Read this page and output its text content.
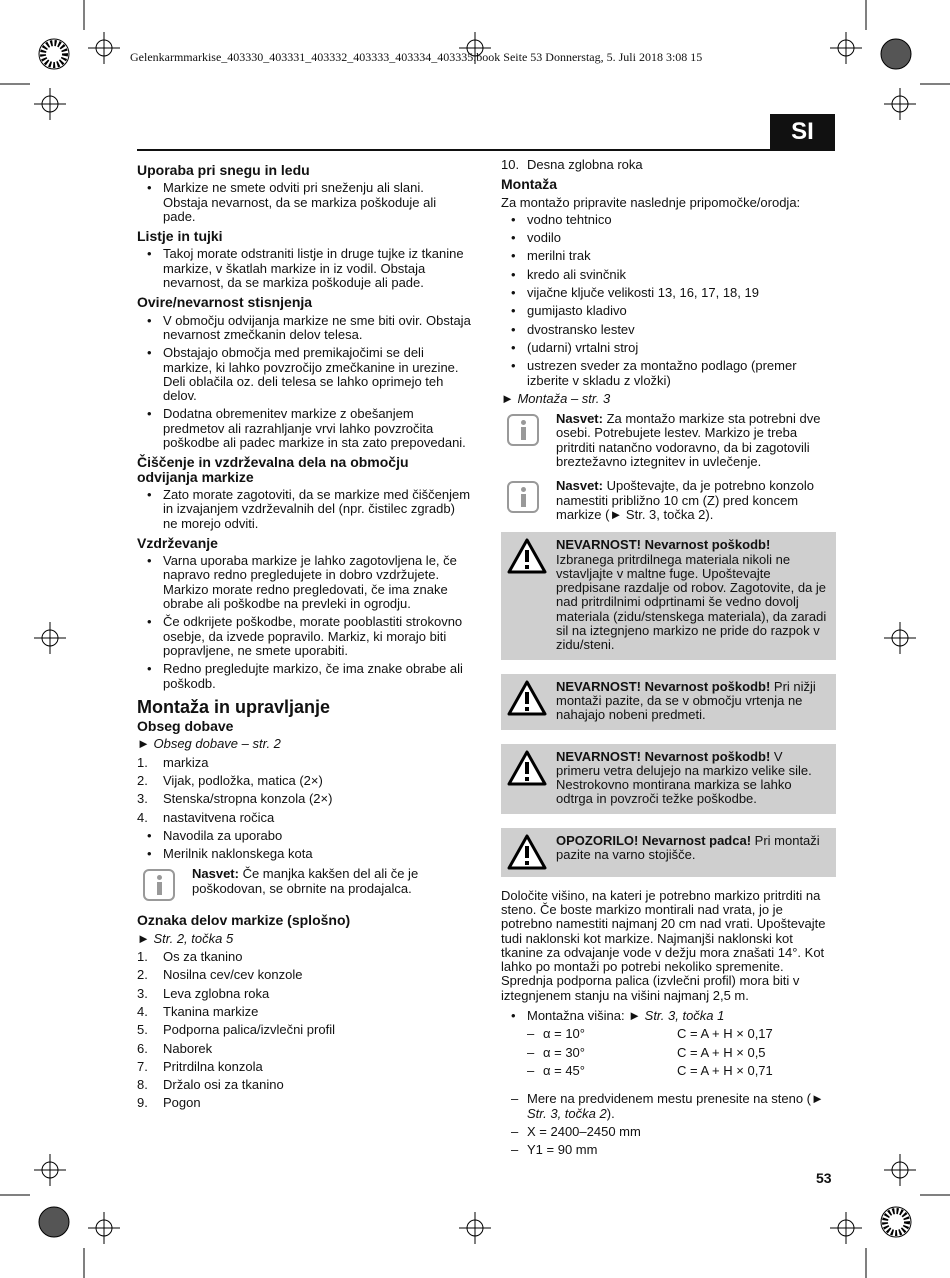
Gelenkarmmarkise_403330_403331_403332_403333_403334_403335.book Seite 53 Donnerstag, 5. Juli 2018 3:08 15
SI
Uporaba pri snegu in ledu
• Markize ne smete odviti pri sneženju ali slani. Obstaja nevarnost, da se markiza poškoduje ali pade.
Listje in tujki
• Takoj morate odstraniti listje in druge tujke iz tkanine markize, v škatlah markize in iz vodil. Obstaja nevarnost, da se markiza poškoduje ali pade.
Ovire/nevarnost stisnjenja
• V območju odvijanja markize ne sme biti ovir. Obstaja nevarnost zmečkanin delov telesa.
• Obstajajo območja med premikajočimi se deli markize, ki lahko povzročijo zmečkanine in urezine. Deli oblačila oz. deli telesa se lahko oprimejo teh delov.
• Dodatna obremenitev markize z obešanjem predmetov ali razrahljanje vrvi lahko povzročita poškodbe ali padec markize in sta zato prepovedani.
Čiščenje in vzdrževalna dela na območju odvijanja markize
• Zato morate zagotoviti, da se markize med čiščenjem in izvajanjem vzdrževalnih del (npr. čistilec zgradb) ne morejo odviti.
Vzdrževanje
• Varna uporaba markize je lahko zagotovljena le, če napravo redno pregledujete in dobro vzdržujete. Markizo morate redno pregledovati, če ima znake obrabe ali poškodbe na prevleki in ogrodju.
• Če odkrijete poškodbe, morate pooblastiti strokovno osebje, da izvede popravilo. Markiz, ki morajo biti popravljene, ne smete uporabiti.
• Redno pregledujte markizo, če ima znake obrabe ali poškodb.
Montaža in upravljanje
Obseg dobave
► Obseg dobave – str. 2
1. markiza
2. Vijak, podložka, matica (2×)
3. Stenska/stropna konzola (2×)
4. nastavitvena ročica
• Navodila za uporabo
• Merilnik naklonskega kota
Nasvet: Če manjka kakšen del ali če je poškodovan, se obrnite na prodajalca.
Oznaka delov markize (splošno)
► Str. 2, točka 5
1. Os za tkanino
2. Nosilna cev/cev konzole
3. Leva zglobna roka
4. Tkanina markize
5. Podporna palica/izvlečni profil
6. Naborek
7. Pritrdilna konzola
8. Držalo osi za tkanino
9. Pogon
10. Desna zglobna roka
Montaža
Za montažo pripravite naslednje pripomočke/orodja:
• vodno tehtnico
• vodilo
• merilni trak
• kredo ali svinčnik
• vijačne ključe velikosti 13, 16, 17, 18, 19
• gumijasto kladivo
• dvostransko lestev
• (udarni) vrtalni stroj
• ustrezen sveder za montažno podlago (premer izberite v skladu z vložki)
► Montaža – str. 3
Nasvet: Za montažo markize sta potrebni dve osebi. Potrebujete lestev. Markizo je treba pritrditi natančno vodoravno, da bi zagotovili breztežavno iztegnitev in uvlečenje.
Nasvet: Upoštevajte, da je potrebno konzolo namestiti približno 10 cm (Z) pred koncem markize (► Str. 3, točka 2).
NEVARNOST! Nevarnost poškodb!
Izbranega pritrdilnega materiala nikoli ne vstavljajte v maltne fuge. Upoštevajte predpisane razdalje od robov. Zagotovite, da je nad pritrdilnimi odprtinami še vedno dovolj materiala (zidu/stenskega materiala), da zaradi sil na iztegnjeno markizo ne pride do razpok v zidu/steni.
NEVARNOST! Nevarnost poškodb! Pri nižji montaži pazite, da se v območju vrtenja ne nahajajo nobeni predmeti.
NEVARNOST! Nevarnost poškodb! V primeru vetra delujejo na markizo velike sile. Nestrokovno montirana markiza se lahko odtrga in povzroči težke poškodbe.
OPOZORILO! Nevarnost padca! Pri montaži pazite na varno stojišče.
Določite višino, na kateri je potrebno markizo pritrditi na steno. Če boste markizo montirali nad vrata, jo je potrebno namestiti najmanj 20 cm nad vrati. Upoštevajte tudi naklonski kot markize. Najmanjši naklonski kot tkanine za odvajanje vode v dežju mora znašati 14°. Kot lahko po montaži po potrebi nekoliko spremenite. Sprednja podporna palica (izvlečni profil) mora biti v iztegnjenem stanju na višini najmanj 2,5 m.
• Montažna višina: ► Str. 3, točka 1
– α = 10°	C = A + H × 0,17
– α = 30°	C = A + H × 0,5
– α = 45°	C = A + H × 0,71
– Mere na predvidenem mestu prenesite na steno (► Str. 3, točka 2).
– X = 2400–2450 mm
– Y1 = 90 mm
53
